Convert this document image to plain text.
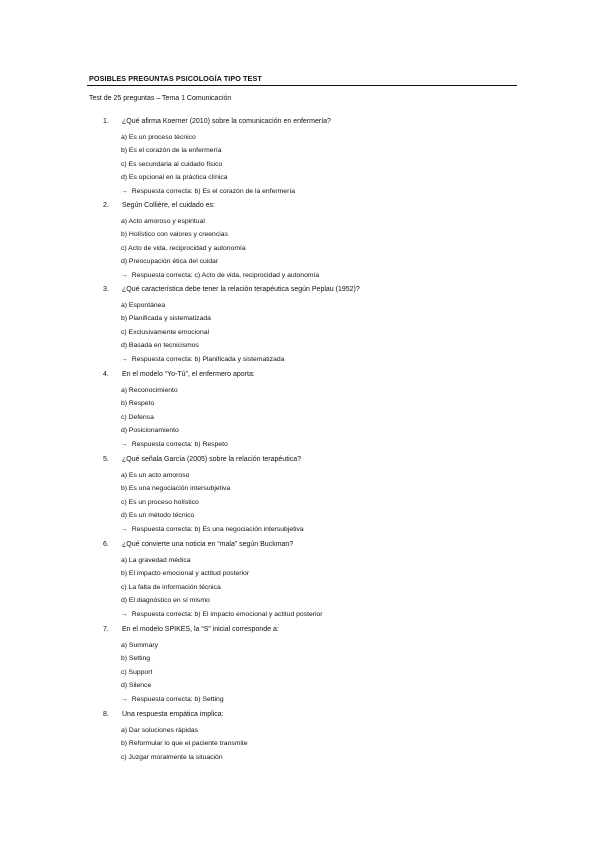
POSIBLES PREGUNTAS PSICOLOGÍA TIPO TEST
Test de 25 preguntas – Tema 1 Comunicación
1. ¿Qué afirma Koerner (2010) sobre la comunicación en enfermería?
a) Es un proceso técnico
b) Es el corazón de la enfermería
c) Es secundaria al cuidado físico
d) Es opcional en la práctica clínica
→ Respuesta correcta: b) Es el corazón de la enfermería
2. Según Collière, el cuidado es:
a) Acto amoroso y espiritual
b) Holístico con valores y creencias
c) Acto de vida, reciprocidad y autonomía
d) Preocupación ética del cuidar
→ Respuesta correcta: c) Acto de vida, reciprocidad y autonomía
3. ¿Qué característica debe tener la relación terapéutica según Peplau (1952)?
a) Espontánea
b) Planificada y sistematizada
c) Exclusivamente emocional
d) Basada en tecnicismos
→ Respuesta correcta: b) Planificada y sistematizada
4. En el modelo “Yo-Tú”, el enfermero aporta:
a) Reconocimiento
b) Respeto
c) Defensa
d) Posicionamiento
→ Respuesta correcta: b) Respeto
5. ¿Qué señala García (2005) sobre la relación terapéutica?
a) Es un acto amoroso
b) Es una negociación intersubjetiva
c) Es un proceso holístico
d) Es un método técnico
→ Respuesta correcta: b) Es una negociación intersubjetiva
6. ¿Qué convierte una noticia en “mala” según Buckman?
a) La gravedad médica
b) El impacto emocional y actitud posterior
c) La falta de información técnica
d) El diagnóstico en sí mismo
→ Respuesta correcta: b) El impacto emocional y actitud posterior
7. En el modelo SPIKES, la “S” inicial corresponde a:
a) Summary
b) Setting
c) Support
d) Silence
→ Respuesta correcta: b) Setting
8. Una respuesta empática implica:
a) Dar soluciones rápidas
b) Reformular lo que el paciente transmite
c) Juzgar moralmente la situación
